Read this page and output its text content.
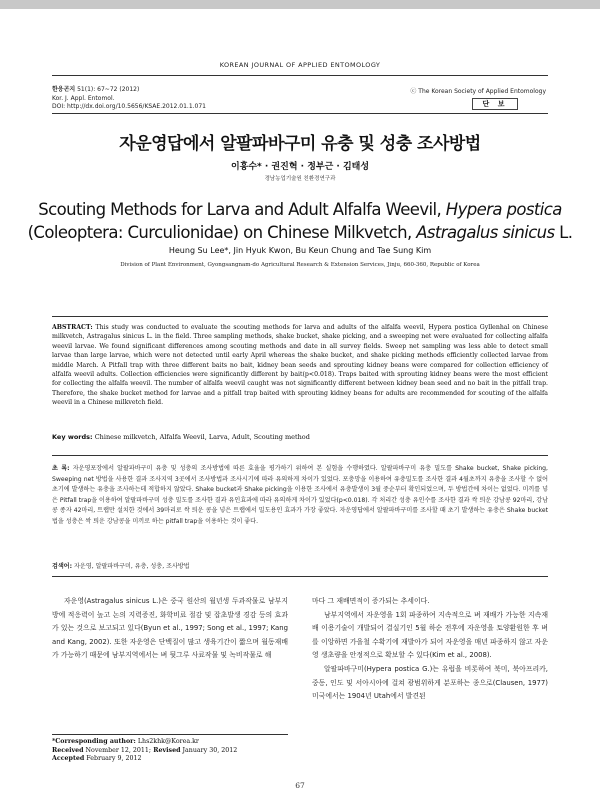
KOREAN JOURNAL OF APPLIED ENTOMOLOGY
한응곤지 51(1): 67~72 (2012)
Kor. J. Appl. Entomol.
DOI: http://dx.doi.org/10.5656/KSAE.2012.01.1.071
ⓒ The Korean Society of Applied Entomology
단 보
자운영답에서 알팔파바구미 유충 및 성충 조사방법
이흥수* · 권진혁 · 정부근 · 김태성
경남농업기술원 친환경연구과
Scouting Methods for Larva and Adult Alfalfa Weevil, Hypera postica
(Coleoptera: Curculionidae) on Chinese Milkvetch, Astragalus sinicus L.
Heung Su Lee*, Jin Hyuk Kwon, Bu Keun Chung and Tae Sung Kim
Division of Plant Environment, Gyongsangnam-do Agricultural Research & Extension Services, Jinju, 660-360, Republic of Korea
ABSTRACT: This study was conducted to evaluate the scouting methods for larva and adults of the alfalfa weevil, Hypera postica Gyllenhal on Chinese milkvetch, Astragalus sinicus L. in the field. Three sampling methods, shake bucket, shake picking, and a sweeping net were evaluated for collecting alfalfa weevil larvae. We found significant differences among scouting methods and date in all survey fields. Sweep net sampling was less able to detect small larvae than large larvae, which were not detected until early April whereas the shake bucket, and shake picking methods efficiently collected larvae from middle March. A Pitfall trap with three different baits no bait, kidney bean seeds and sprouting kidney beans were compared for collection efficiency of alfalfa weevil adults. Collection efficiencies were significantly different by bait(p<0.018). Traps baited with sprouting kidney beans were the most efficient for collecting the alfalfa weevil. The number of alfalfa weevil caught was not significantly different between kidney bean seed and no bait in the pitfall trap. Therefore, the shake bucket method for larvae and a pitfall trap baited with sprouting kidney beans for adults are recommended for scouting of the alfalfa weevil in a Chinese milkvetch field.
Key words: Chinese milkvetch, Alfalfa Weevil, Larva, Adult, Scouting method
초 록: 자운영포장에서 알팔파바구미 유충 및 성충의 조사방법에 따른 효율을 평가하기 위하여 본 실험을 수행하였다. 알팔파바구미 유충 밀도를 Shake bucket, Shake picking, Sweeping net 방법을 사용한 결과 조사지역 3곳에서 조사방법과 조사시기에 따라 유의하게 차이가 있었다. 포충망을 이용하여 유충밀도를 조사한 결과 4월초까지 유충을 조사할 수 없어 초기에 발생하는 유충을 조사하는데 적합하지 않았다. Shake bucket과 Shake picking을 이용한 조사에서 유충발생이 3월 중순부터 확인되었으며, 두 방법간에 차이는 없었다. 미끼를 넣은 Pitfall trap을 이용하여 알팔파바구미 성충 밀도를 조사한 결과 유인효과에 따라 유의하게 차이가 있었다(p<0.018). 각 처리간 성충 유인수를 조사한 결과 싹 틔운 강남콩 92마리, 강남콩 종자 42마리, 트랩만 설치한 것에서 39마리로 싹 틔운 콩을 넣은 트랩에서 밀도용인 효과가 가장 좋았다. 자운영답에서 알팔파바구미를 조사할 때 초기 발생하는 유충은 Shake bucket법을 성충은 싹 틔운 강남콩을 미끼로 하는 pitfall trap을 이용하는 것이 좋다.
검색어: 자운영, 알팔파바구미, 유충, 성충, 조사방법

자운영(Astragalus sinicus L.)은 중국 원산의 월년생 두과작물로 남부지방에 적응력이 높고 논의 지력증진, 화학비료 절감 및 잡초발생 경감 등의 효과가 있는 것으로 보고되고 있다(Byun et al., 1997; Song et al., 1997; Kang and Kang, 2002). 또한 자운영은 단백질이 많고 생육기간이 짧으며 월동재배가 가능하기 때문에 남부지역에서는 벼 뒷그루 사료작물 및 녹비작물로 해

마다 그 재배면적이 증가되는 추세이다.

남부지역에서 자운영을 1회 파종하여 지속적으로 벼 재배가 가능한 지속재배 이용기술이 개발되어 결실기인 5월 하순 전후에 자운영을 토양환원한 후 벼를 이앙하면 가을철 수확기에 재발아가 되어 자운영을 매년 파종하지 않고 자운영 생초량을 안정적으로 확보할 수 있다(Kim et al., 2008).

알팔파바구미(Hypera postica G.)는 유럽을 비롯하여 북미, 북아프리카, 중동, 인도 및 서아시아에 걸쳐 광범위하게 분포하는 종으로(Clausen, 1977) 미국에서는 1904년 Utah에서 발견된

*Corresponding author: Lhs2khk@Korea.kr
Received November 12, 2011; Revised January 30, 2012
Accepted February 9, 2012
67
